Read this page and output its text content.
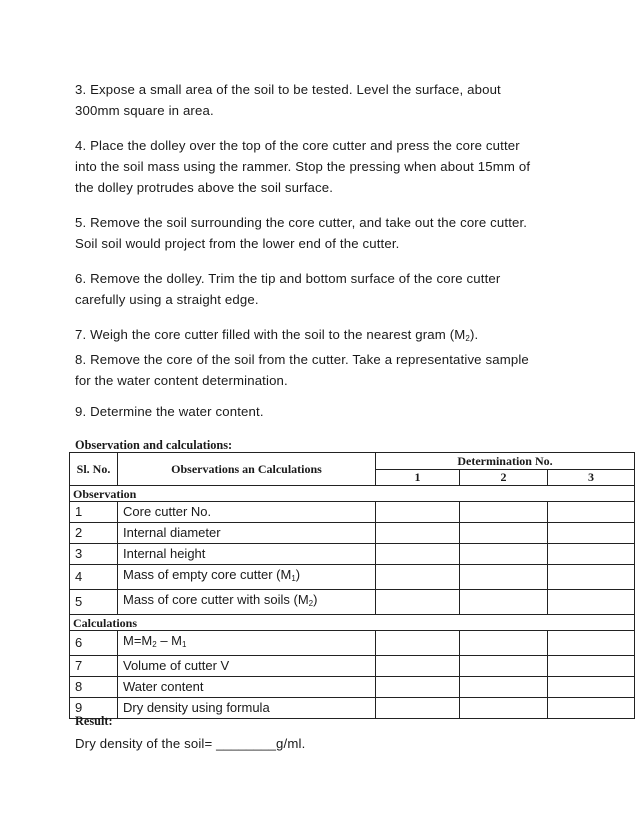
3. Expose a small area of the soil to be tested. Level the surface, about
300mm square in area.
4. Place the dolley over the top of the core cutter and press the core cutter
into the soil mass using the rammer. Stop the pressing when about 15mm of
the dolley protrudes above the soil surface.
5. Remove the soil surrounding the core cutter, and take out the core cutter.
Soil soil would project from the lower end of the cutter.
6. Remove the dolley. Trim the tip and bottom surface of the core cutter
carefully using a straight edge.
7. Weigh the core cutter filled with the soil to the nearest gram $(M_2)$.
8. Remove the core of the soil from the cutter. Take a representative sample
for the water content determination.
9. Determine the water content.
Observation and calculations:
Sl. No.	Observations an Calculations	Determination No.		
		1	2	3
Observation				
1	Core cutter No.			
2	Internal diameter			
3	Internal height			
4	Mass of empty core cutter $(M_1)$			
5	Mass of core cutter with soils $(M_2)$			
Calculations				
6	$M=M_2 - M_1$			
7	Volume of cutter V			
8	Water content			
9	Dry density using formula			
Result:
Dry density of the soil= ________g/ml.
